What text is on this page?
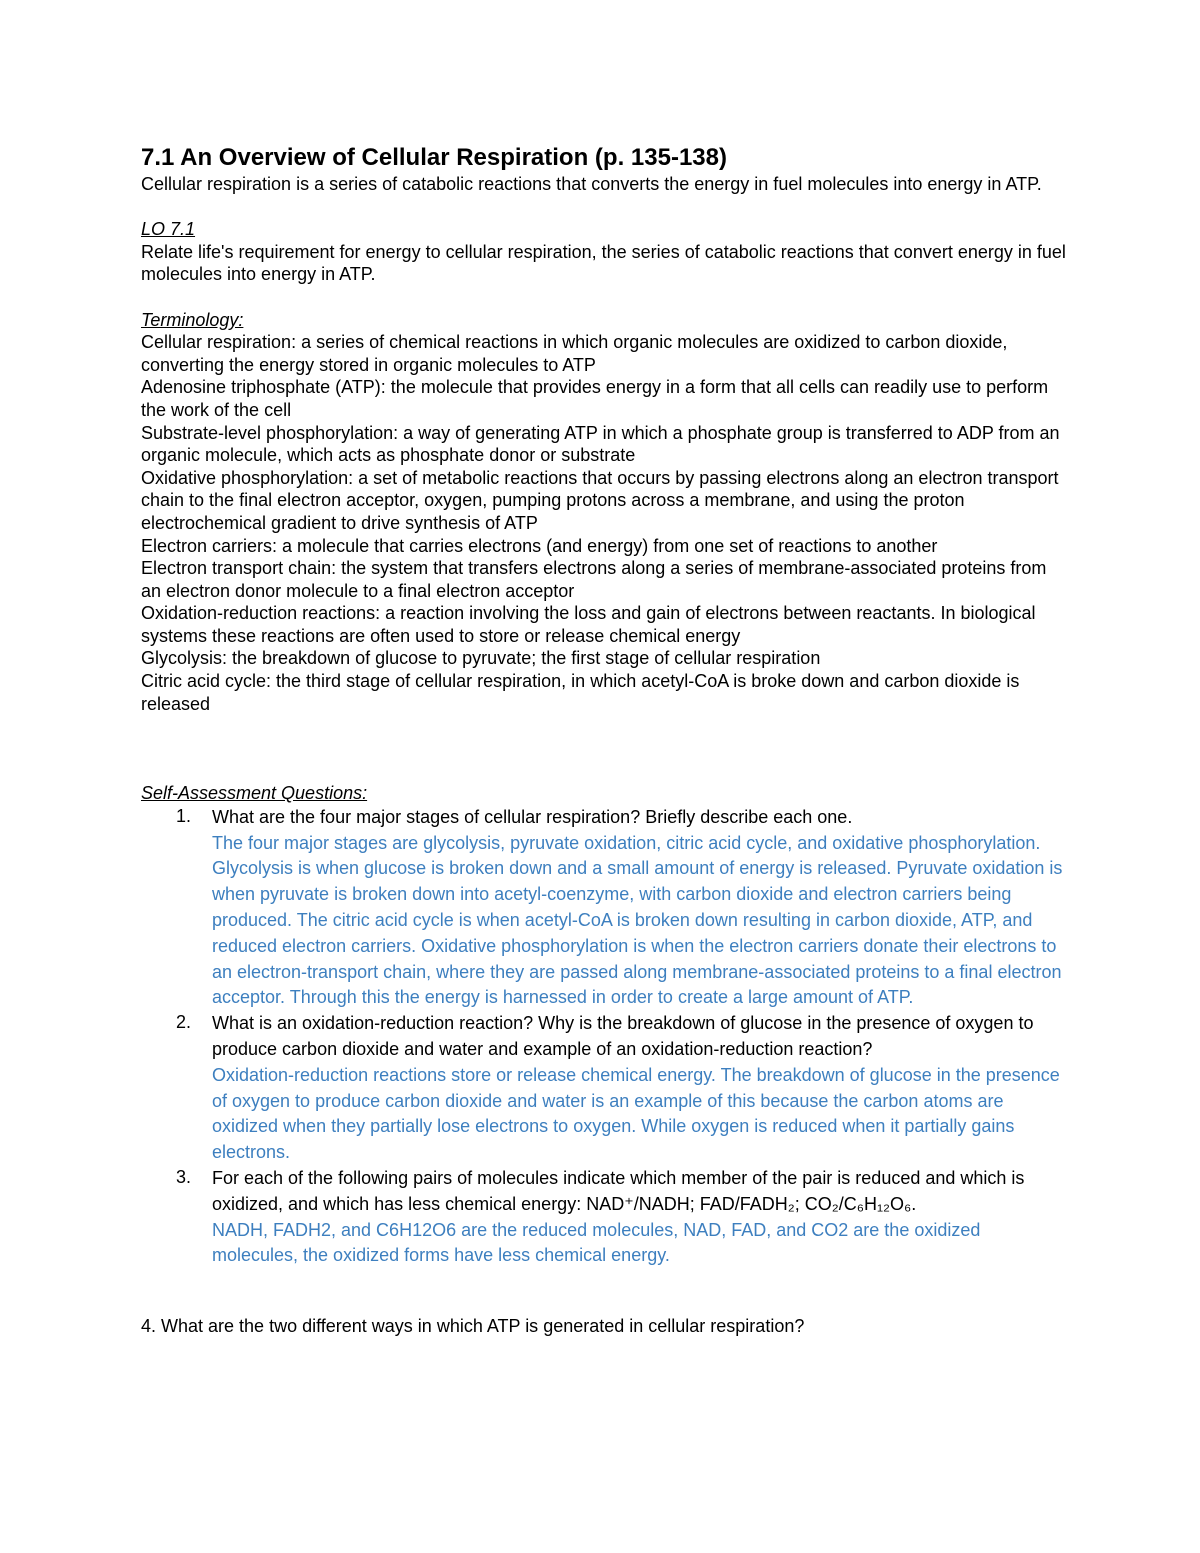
7.1 An Overview of Cellular Respiration (p. 135-138)

Cellular respiration is a series of catabolic reactions that converts the energy in fuel molecules into energy in ATP.

LO 7.1

Relate life's requirement for energy to cellular respiration, the series of catabolic reactions that convert energy in fuel molecules into energy in ATP.

Terminology:

Cellular respiration: a series of chemical reactions in which organic molecules are oxidized to carbon dioxide, converting the energy stored in organic molecules to ATP

Adenosine triphosphate (ATP): the molecule that provides energy in a form that all cells can readily use to perform the work of the cell

Substrate-level phosphorylation: a way of generating ATP in which a phosphate group is transferred to ADP from an organic molecule, which acts as phosphate donor or substrate

Oxidative phosphorylation: a set of metabolic reactions that occurs by passing electrons along an electron transport chain to the final electron acceptor, oxygen, pumping protons across a membrane, and using the proton electrochemical gradient to drive synthesis of ATP

Electron carriers: a molecule that carries electrons (and energy) from one set of reactions to another

Electron transport chain: the system that transfers electrons along a series of membrane-associated proteins from an electron donor molecule to a final electron acceptor

Oxidation-reduction reactions: a reaction involving the loss and gain of electrons between reactants. In biological systems these reactions are often used to store or release chemical energy

Glycolysis: the breakdown of glucose to pyruvate; the first stage of cellular respiration

Citric acid cycle: the third stage of cellular respiration, in which acetyl-CoA is broke down and carbon dioxide is released

Self-Assessment Questions:

1. What are the four major stages of cellular respiration? Briefly describe each one.
The four major stages are glycolysis, pyruvate oxidation, citric acid cycle, and oxidative phosphorylation. Glycolysis is when glucose is broken down and a small amount of energy is released. Pyruvate oxidation is when pyruvate is broken down into acetyl-coenzyme, with carbon dioxide and electron carriers being produced. The citric acid cycle is when acetyl-CoA is broken down resulting in carbon dioxide, ATP, and reduced electron carriers. Oxidative phosphorylation is when the electron carriers donate their electrons to an electron-transport chain, where they are passed along membrane-associated proteins to a final electron acceptor. Through this the energy is harnessed in order to create a large amount of ATP.
2. What is an oxidation-reduction reaction? Why is the breakdown of glucose in the presence of oxygen to produce carbon dioxide and water and example of an oxidation-reduction reaction?
Oxidation-reduction reactions store or release chemical energy. The breakdown of glucose in the presence of oxygen to produce carbon dioxide and water is an example of this because the carbon atoms are oxidized when they partially lose electrons to oxygen. While oxygen is reduced when it partially gains electrons.
3. For each of the following pairs of molecules indicate which member of the pair is reduced and which is oxidized, and which has less chemical energy: NAD⁺/NADH; FAD/FADH₂; CO₂/C₆H₁₂O₆.
NADH, FADH2, and C6H12O6 are the reduced molecules, NAD, FAD, and CO2 are the oxidized molecules, the oxidized forms have less chemical energy.

4. What are the two different ways in which ATP is generated in cellular respiration?
